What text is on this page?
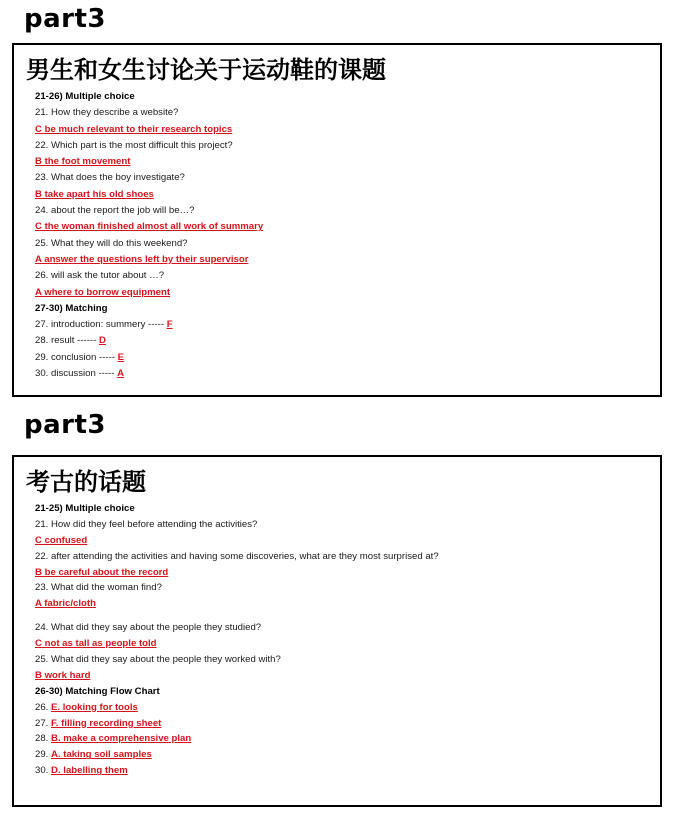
part3
男生和女生讨论关于运动鞋的课题
21-26) Multiple choice
21. How they describe a website?
C be much relevant to their research topics
22. Which part is the most difficult this project?
B the foot movement
23. What does the boy investigate?
B take apart his old shoes
24. about the report the job will be…?
C the woman finished almost all work of summary
25. What they will do this weekend?
A answer the questions left by their supervisor
26. will ask the tutor about …?
A where to borrow equipment
27-30) Matching
27. introduction: summery ----- F
28. result ------ D
29. conclusion ----- E
30. discussion ----- A
part3
考古的话题
21-25) Multiple choice
21. How did they feel before attending the activities?
C confused
22. after attending the activities and having some discoveries, what are they most surprised at?
B be careful about the record
23. What did the woman find?
A fabric/cloth
24. What did they say about the people they studied?
C not as tall as people told
25. What did they say about the people they worked with?
B work hard
26-30) Matching Flow Chart
26. E. looking for tools
27. F. filling recording sheet
28. B. make a comprehensive plan
29. A. taking soil samples
30. D. labelling them
